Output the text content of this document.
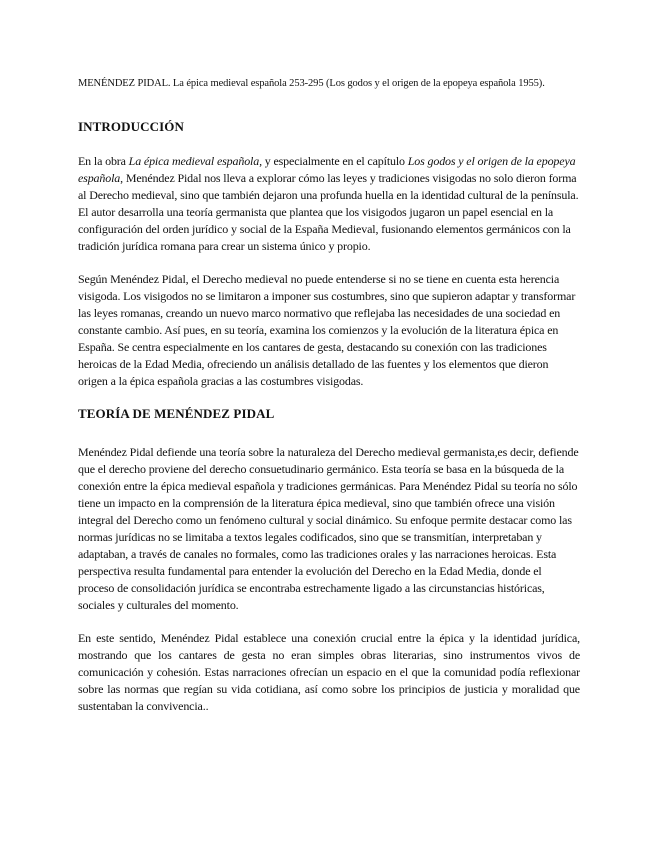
MENÉNDEZ PIDAL. La épica medieval española 253-295 (Los godos y el origen de la epopeya española 1955).
INTRODUCCIÓN

En la obra La épica medieval española, y especialmente en el capítulo Los godos y el origen de la epopeya española, Menéndez Pidal nos lleva a explorar cómo las leyes y tradiciones visigodas no solo dieron forma al Derecho medieval, sino que también dejaron una profunda huella en la identidad cultural de la península. El autor desarrolla una teoría germanista que plantea que los visigodos jugaron un papel esencial en la configuración del orden jurídico y social de la España Medieval, fusionando elementos germánicos con la tradición jurídica romana para crear un sistema único y propio.

Según Menéndez Pidal, el Derecho medieval no puede entenderse si no se tiene en cuenta esta herencia visigoda. Los visigodos no se limitaron a imponer sus costumbres, sino que supieron adaptar y transformar las leyes romanas, creando un nuevo marco normativo que reflejaba las necesidades de una sociedad en constante cambio. Así pues, en su teoría, examina los comienzos y la evolución de la literatura épica en España. Se centra especialmente en los cantares de gesta, destacando su conexión con las tradiciones heroicas de la Edad Media, ofreciendo un análisis detallado de las fuentes y los elementos que dieron origen a la épica española gracias a las costumbres visigodas.

TEORÍA DE MENÉNDEZ PIDAL

Menéndez Pidal defiende una teoría sobre la naturaleza del Derecho medieval germanista,es decir, defiende que el derecho proviene del derecho consuetudinario germánico. Esta teoría se basa en la búsqueda de la conexión entre la épica medieval española y tradiciones germánicas. Para Menéndez Pidal su teoría no sólo tiene un impacto en la comprensión de la literatura épica medieval, sino que también ofrece una visión integral del Derecho como un fenómeno cultural y social dinámico. Su enfoque permite destacar como las normas jurídicas no se limitaba a textos legales codificados, sino que se transmitían, interpretaban y adaptaban, a través de canales no formales, como las tradiciones orales y las narraciones heroicas. Esta perspectiva resulta fundamental para entender la evolución del Derecho en la Edad Media, donde el proceso de consolidación jurídica se encontraba estrechamente ligado a las circunstancias históricas, sociales y culturales del momento.

En este sentido, Menéndez Pidal establece una conexión crucial entre la épica y la identidad jurídica, mostrando que los cantares de gesta no eran simples obras literarias, sino instrumentos vivos de comunicación y cohesión. Estas narraciones ofrecían un espacio en el que la comunidad podía reflexionar sobre las normas que regían su vida cotidiana, así como sobre los principios de justicia y moralidad que sustentaban la convivencia..
